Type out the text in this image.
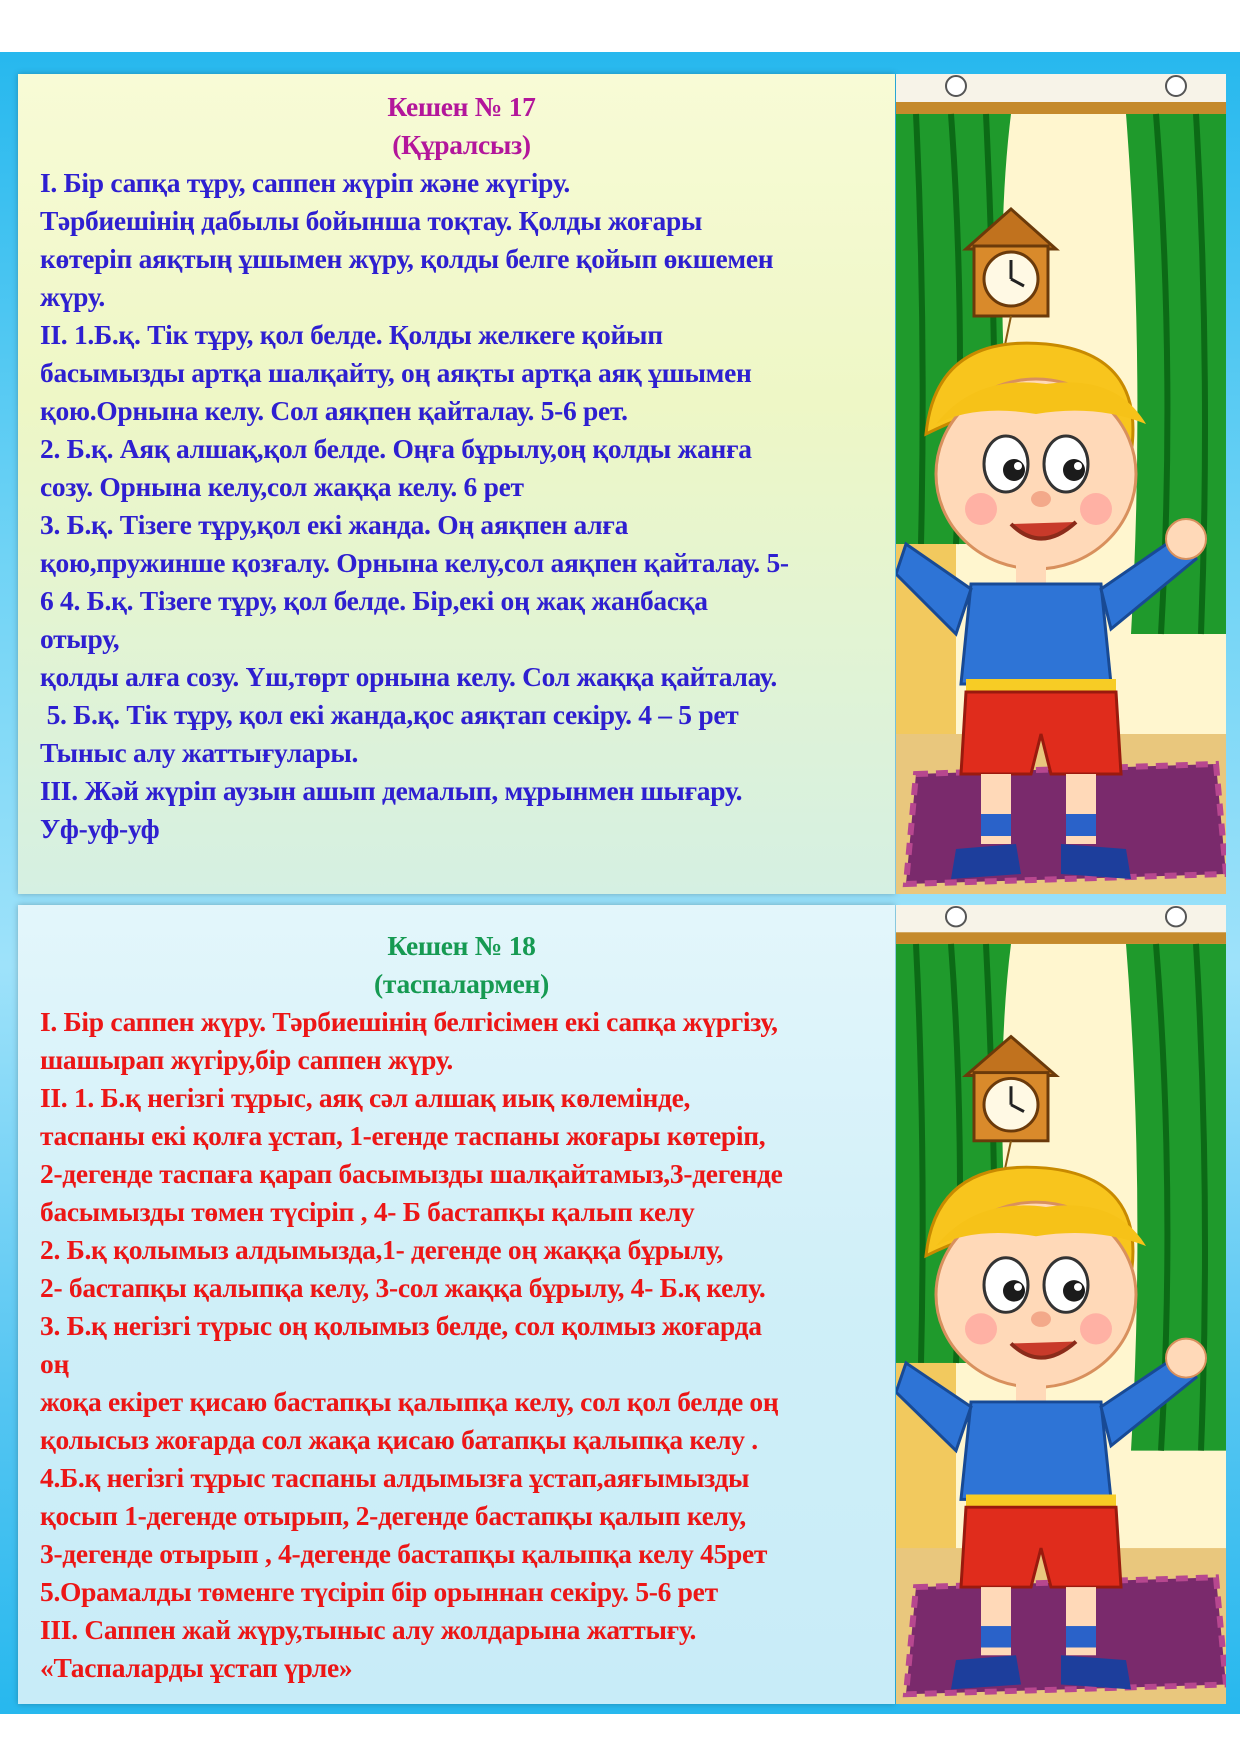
Кешен № 17
(Құралсыз)
І. Бір сапқа тұру, саппен жүріп және жүгіру.
Тәрбиешінің дабылы бойынша тоқтау. Қолды жоғары
көтеріп аяқтың ұшымен жүру, қолды белге қойып өкшемен
жүру.
ІІ. 1.Б.қ. Тік тұру, қол белде. Қолды желкеге қойып
басымызды артқа шалқайту, оң аяқты артқа аяқ ұшымен
қою.Орнына келу. Сол аяқпен қайталау. 5-6 рет.
2. Б.қ. Аяқ алшақ,қол белде. Оңға бұрылу,оң қолды жанға
созу. Орнына келу,сол жаққа келу. 6 рет
3. Б.қ. Тізеге тұру,қол екі жанда. Оң аяқпен алға
қою,пружинше қозғалу. Орнына келу,сол аяқпен қайталау. 5-
6 4. Б.қ. Тізеге тұру, қол белде. Бір,екі оң жақ жанбасқа
отыру,
қолды алға созу. Үш,төрт орнына келу. Сол жаққа қайталау.
5. Б.қ. Тік тұру, қол екі жанда,қос аяқтап секіру. 4 – 5 рет
Тыныс алу жаттығулары.
ІІІ. Жәй жүріп аузын ашып демалып, мұрынмен шығару.
Уф-уф-уф
Кешен № 18
(таспалармен)
І. Бір саппен жүру. Тәрбиешінің белгісімен екі сапқа жүргізу,
шашырап жүгіру,бір саппен жүру.
ІІ. 1. Б.қ негізгі тұрыс, аяқ сәл алшақ иық көлемінде,
таспаны екі қолға ұстап, 1-егенде таспаны жоғары көтеріп,
2-дегенде таспаға қарап басымызды шалқайтамыз,3-дегенде
басымызды төмен түсіріп , 4- Б бастапқы қалып келу
2. Б.қ қолымыз алдымызда,1- дегенде оң жаққа бұрылу,
2- бастапқы қалыпқа келу, 3-сол жаққа бұрылу, 4- Б.қ келу.
3. Б.қ негізгі түрыс оң қолымыз белде, сол қолмыз жоғарда
оң
жоқа екірет қисаю бастапқы қалыпқа келу, сол қол белде оң
қолысыз жоғарда сол жақа қисаю батапқы қалыпқа келу .
4.Б.қ негізгі тұрыс таспаны алдымызға ұстап,аяғымызды
қосып 1-дегенде отырып, 2-дегенде бастапқы қалып келу,
3-дегенде отырып , 4-дегенде бастапқы қалыпқа келу 45рет
5.Орамалды төменге түсіріп бір орыннан секіру. 5-6 рет
ІІІ. Саппен жай жүру,тыныс алу жолдарына жаттығу.
«Таспаларды ұстап үрле»
